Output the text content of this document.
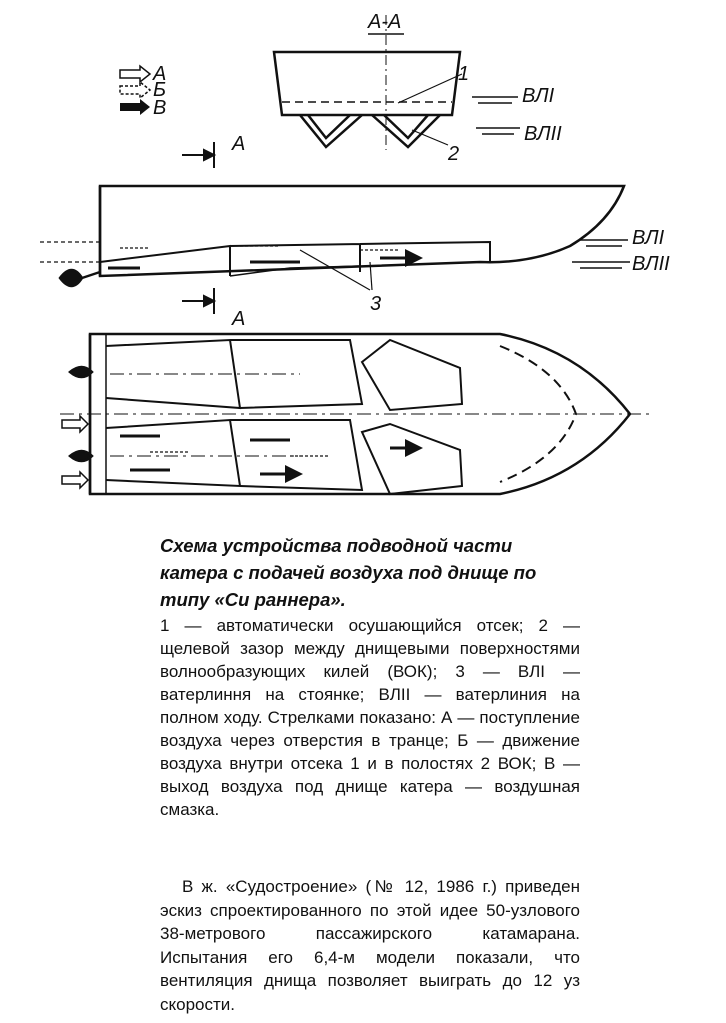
А-А
1
2
ВЛI
ВЛII
А
Б
В
А
А
3
ВЛI
ВЛII
Схема устройства подводной части катера с подачей воздуха под днище по типу «Си раннера».

1 — автоматически осушающийся отсек; 2 — щелевой зазор между днищевыми поверхностями волнообразующих килей (ВОК); 3 — ВЛI — ватерлиння на стоянке; ВЛII — ватерлиния на полном ходу. Стрелками показано: А — поступление воздуха через отверстия в транце; Б — движение воздуха внутри отсека 1 и в полостях 2 ВОК; В — выход воздуха под днище катера — воздушная смазка.

В ж. «Судостроение» (№ 12, 1986 г.) приведен эскиз спроектированного по этой идее 50-узлового 38-метрового пассажирского катамарана. Испытания его 6,4-м модели показали, что вентиляция днища позволяет выиграть до 12 уз скорости.
